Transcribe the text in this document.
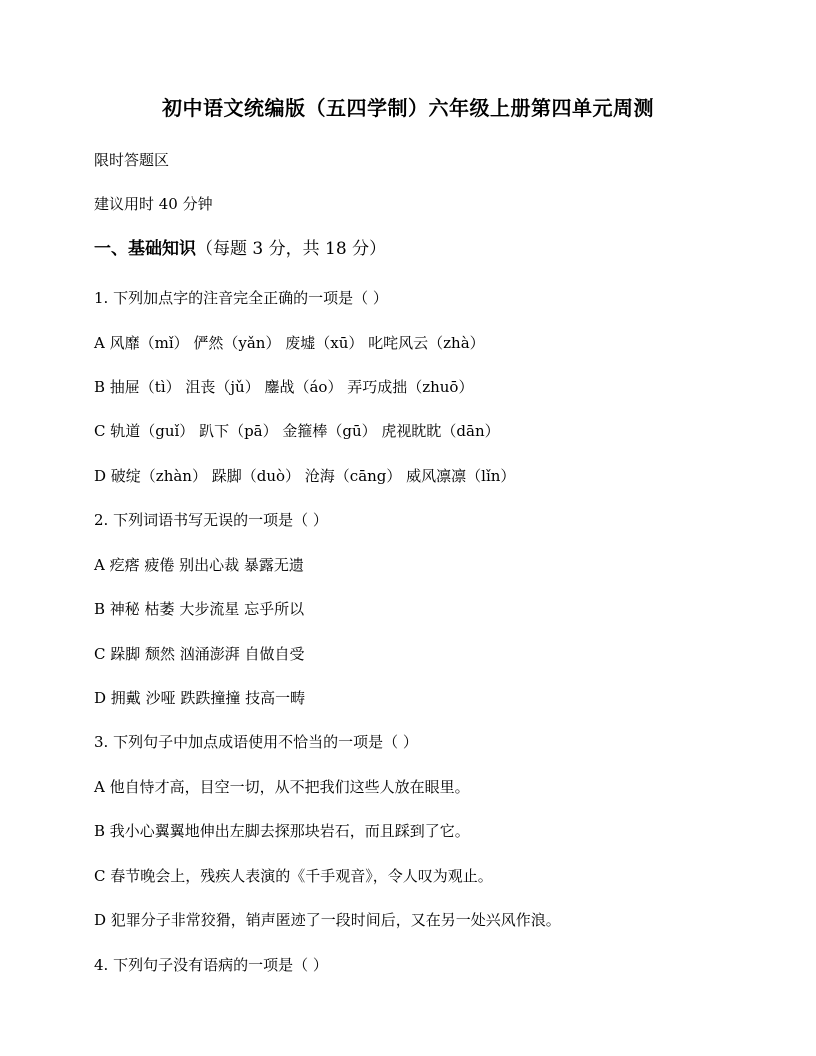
初中语文统编版（五四学制）六年级上册第四单元周测
限时答题区
建议用时 40 分钟
一、基础知识（每题 3 分，共 18 分）
1. 下列加点字的注音完全正确的一项是（ ）
A 风靡（mǐ） 俨然（yǎn） 废墟（xū） 叱咤风云（zhà）
B 抽屉（tì） 沮丧（jǔ） 鏖战（áo） 弄巧成拙（zhuō）
C 轨道（guǐ） 趴下（pā） 金箍棒（gū） 虎视眈眈（dān）
D 破绽（zhàn） 跺脚（duò） 沧海（cāng） 威风凛凛（lǐn）
2. 下列词语书写无误的一项是（ ）
A 疙瘩 疲倦 别出心裁 暴露无遗
B 神秘 枯萎 大步流星 忘乎所以
C 跺脚 颓然 汹涌澎湃 自做自受
D 拥戴 沙哑 跌跌撞撞 技高一畴
3. 下列句子中加点成语使用不恰当的一项是（ ）
A 他自恃才高，目空一切，从不把我们这些人放在眼里。
B 我小心翼翼地伸出左脚去探那块岩石，而且踩到了它。
C 春节晚会上，残疾人表演的《千手观音》，令人叹为观止。
D 犯罪分子非常狡猾，销声匿迹了一段时间后，又在另一处兴风作浪。
4. 下列句子没有语病的一项是（ ）
